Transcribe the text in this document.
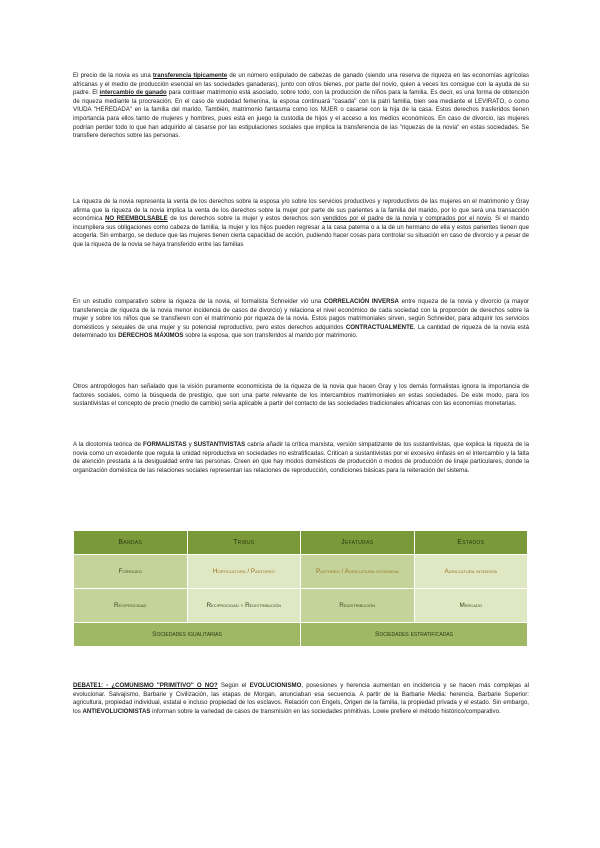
El precio de la novia es una transferencia típicamente de un número estipulado de cabezas de ganado (siendo una reserva de riqueza en las economías agrícolas africanas y el medio de producción esencial en las sociedades ganaderas), junto con otros bienes, por parte del novio, quien a veces los consigue con la ayuda de su padre. El intercambio de ganado para contraer matrimonio está asociado, sobre todo, con la producción de niños para la familia. Es decir, es una forma de obtención de riqueza mediante la procreación. En el caso de viudedad femenina, la esposa continuará "casada" con la patri familia, bien sea mediante el LEVIRATO, o como VIUDA "HEREDADA" en la familia del marido. También, matrimonio fantasma como los NUER o casarse con la hija de la casa. Estos derechos trasferidos tienen importancia para ellos tanto de mujeres y hombres, pues está en juego la custodia de hijos y el acceso a los medios económicos. En caso de divorcio, las mujeres podrían perder todo lo que han adquirido al casarse por las estipulaciones sociales que implica la transferencia de las "riquezas de la novia" en estas sociedades. Se transfiere derechos sobre las personas.

La riqueza de la novia representa la venta de los derechos sobre la esposa y/o sobre los servicios productivos y reproductivos de las mujeres en el matrimonio y Gray afirma que la riqueza de la novia implica la venta de los derechos sobre la mujer por parte de sus parientes a la familia del marido, por lo que será una transacción económica NO REEMBOLSABLE de los derechos sobre la mujer y estos derechos son vendidos por el padre de la novia y comprados por el novio. Si el marido incumpliera sus obligaciones como cabeza de familia, la mujer y los hijos pueden regresar a la casa paterna o a la de un hermano de ella y estos parientes tienen que acogerla. Sin embargo, se deduce que las mujeres tienen cierta capacidad de acción, pudiendo hacer cosas para controlar su situación en caso de divorcio y a pesar de que la riqueza de la novia se haya transferido entre las familias

En un estudio comparativo sobre la riqueza de la novia, el formalista Schneider vió una CORRELACIÓN INVERSA entre riqueza de la novia y divorcio (a mayor transferencia de riqueza de la novia menor incidencia de casos de divorcio) y relaciona el nivel económico de cada sociedad con la proporción de derechos sobre la mujer y sobre los niños que se transfieren con el matrimonio por riqueza de la novia. Estos pagos matrimoniales sirven, según Schneider, para adquirir los servicios domésticos y sexuales de una mujer y su potencial reproductivo, pero estos derechos adquiridos CONTRACTUALMENTE. La cantidad de riqueza de la novia está determinado los DERECHOS MÁXIMOS sobre la esposa, que son transferidos al marido por matrimonio.

Otros antropólogos han señalado que la visión puramente economicista de la riqueza de la novia que hacen Gray y los demás formalistas ignora la importancia de factores sociales, como la búsqueda de prestigio, que son una parte relevante de los intercambios matrimoniales en estas sociedades. De este modo, para los sustantivistas el concepto de precio (medio de cambio) sería aplicable a partir del contacto de las sociedades tradicionales africanas con las economías monetarias.

A la dicotomía teórica de FORMALISTAS y SUSTANTIVISTAS cabría añadir la crítica marxista, versión simpatizante de los sustantivistas, que explica la riqueza de la novia como un excedente que regula la unidad reproductiva en sociedades no estratificadas. Critican a sustantivistas por el excesivo énfasis en el intercambio y la falta de atención prestada a la desigualdad entre las personas. Creen en que hay modos domésticos de producción o modos de producción de linaje particulares, donde la organización doméstica de las relaciones sociales representan las relaciones de reproducción, condiciones básicas para la reiteración del sistema.

Bandas	Tribus	Jefaturas	Estados
Forrajeo	Horticultura / Pastoreo	Pastoreo / Agricultura extensiva	Agricultura intensiva
Reciprocidad	Reciprocidad y Redistribución	Redistribución	Mercado
Sociedades igualitarias		Sociedades estratificadas	

DEBATE1: - ¿COMUNISMO "PRIMITIVO" O NO? Según el EVOLUCIONISMO, posesiones y herencia aumentan en incidencia y se hacen más complejas al evolucionar. Salvajismo, Barbarie y Civilización, las etapas de Morgan, anunciaban esa secuencia. A partir de la Barbarie Media: herencia. Barbarie Superior: agricultura, propiedad individual, estatal e incluso propiedad de los esclavos. Relación con Engels, Origen de la familia, la propiedad privada y el estado. Sin embargo, los ANTIEVOLUCIONISTAS informan sobre la variedad de casos de transmisión en las sociedades primitivas. Lowie prefiere el método histórico/comparativo.
